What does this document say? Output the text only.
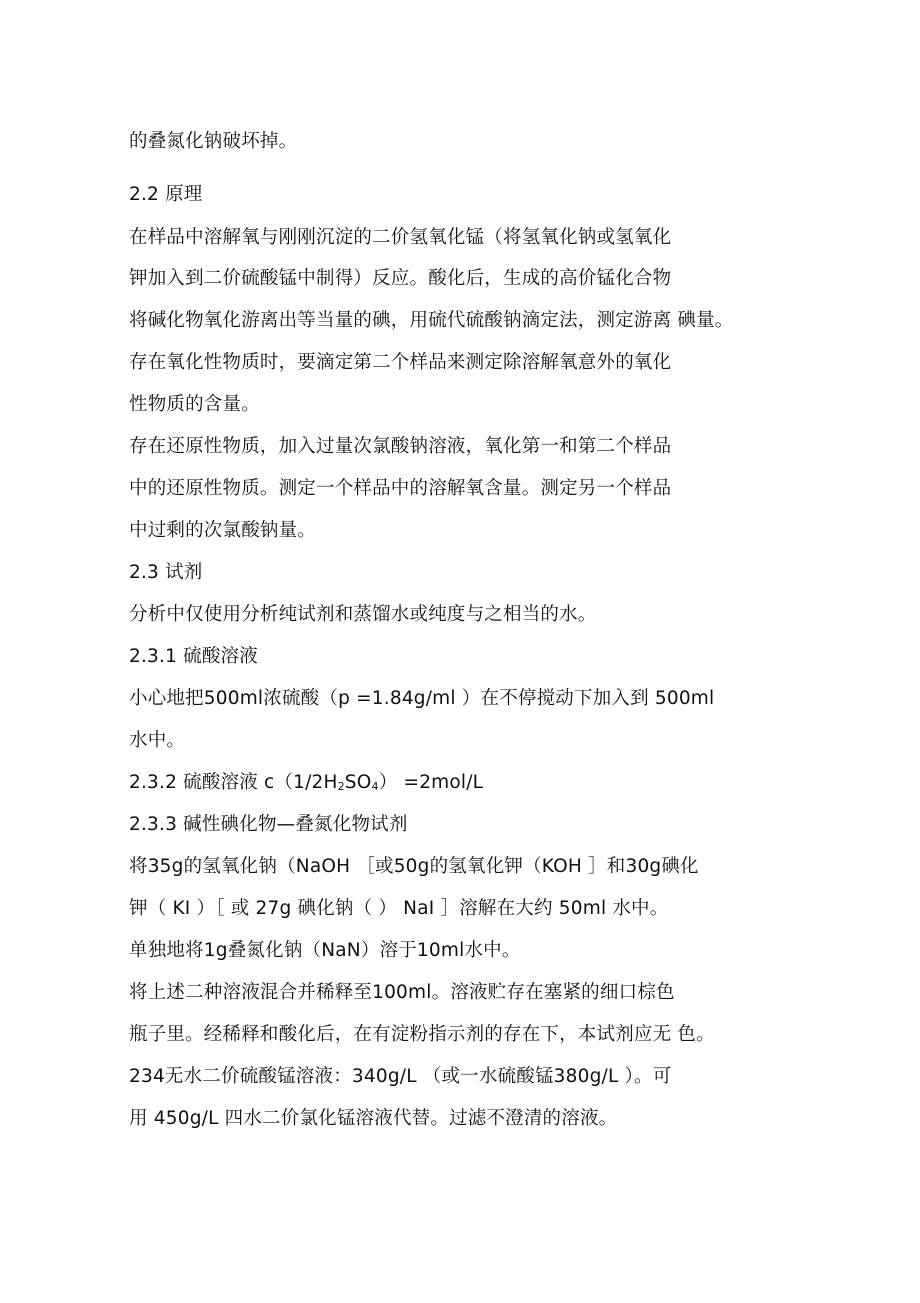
的叠氮化钠破坏掉。
2.2 原理
在样品中溶解氧与刚刚沉淀的二价氢氧化锰（将氢氧化钠或氢氧化
钾加入到二价硫酸锰中制得）反应。酸化后，生成的高价锰化合物
将碱化物氧化游离出等当量的碘，用硫代硫酸钠滴定法，测定游离 碘量。
存在氧化性物质时，要滴定第二个样品来测定除溶解氧意外的氧化
性物质的含量。
存在还原性物质，加入过量次氯酸钠溶液，氧化第一和第二个样品
中的还原性物质。测定一个样品中的溶解氧含量。测定另一个样品
中过剩的次氯酸钠量。
2.3 试剂
分析中仅使用分析纯试剂和蒸馏水或纯度与之相当的水。
2.3.1 硫酸溶液
小心地把500ml浓硫酸（p =1.84g/ml ）在不停搅动下加入到 500ml
水中。
2.3.2 硫酸溶液 c（1/2H2SO4） =2mol/L
2.3.3 碱性碘化物—叠氮化物试剂
将35g的氢氧化钠（NaOH ［或50g的氢氧化钾（KOH ］和30g碘化
钾（ KI ）［ 或 27g 碘化钠（ ） NaI ］溶解在大约 50ml 水中。
单独地将1g叠氮化钠（NaN）溶于10ml水中。
将上述二种溶液混合并稀释至100ml。溶液贮存在塞紧的细口棕色
瓶子里。经稀释和酸化后，在有淀粉指示剂的存在下，本试剂应无 色。
234无水二价硫酸锰溶液：340g/L （或一水硫酸锰380g/L ）。可
用 450g/L 四水二价氯化锰溶液代替。过滤不澄清的溶液。
